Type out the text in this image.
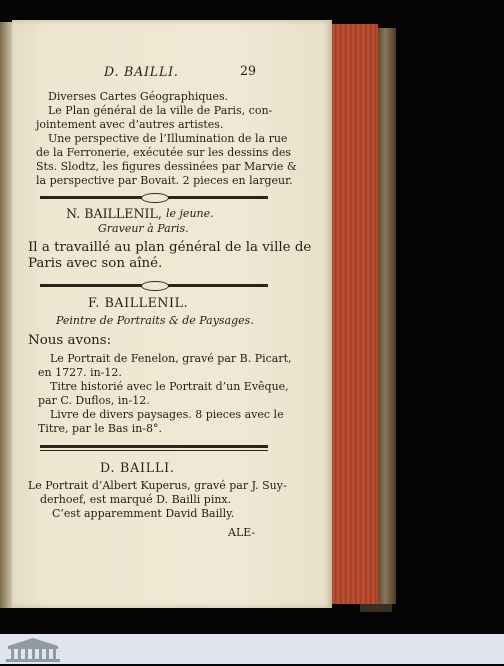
D. BAILLI.	29
Diverses Cartes Géographiques.
Le Plan général de la ville de Paris, con-
jointement avec d’autres artistes.
Une perspective de l’Illumination de la rue
de la Ferronerie, exécutée sur les dessins des
Sts. Slodtz, les figures dessinées par Marvie &
la perspective par Bovait. 2 pieces en largeur.
N. BAILLENIL, le jeune.
Graveur à Paris.
Il a travaillé au plan général de la ville de
Paris avec son aîné.
F. BAILLENIL.
Peintre de Portraits & de Paysages.
Nous avons:
Le Portrait de Fenelon, gravé par B. Picart,
en 1727. in-12.
Titre historié avec le Portrait d’un Evêque,
par C. Duflos, in-12.
Livre de divers paysages. 8 pieces avec le
Titre, par le Bas in-8°.
D. BAILLI.
Le Portrait d’Albert Kuperus, gravé par J. Suy-
derhoef, est marqué D. Bailli pinx.
C’est apparemment David Bailly.
ALE-
